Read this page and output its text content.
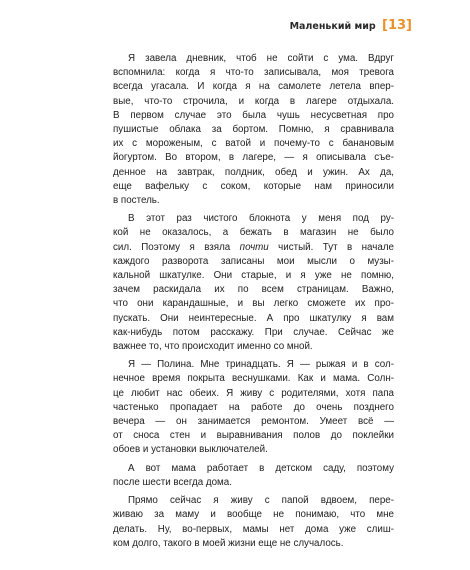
Маленький мир [13]
Я завела дневник, чтоб не сойти с ума. Вдруг
вспомнила: когда я что-то записывала, моя тревога
всегда угасала. И когда я на самолете летела впер-
вые, что-то строчила, и когда в лагере отдыхала.
В первом случае это была чушь несусветная про
пушистые облака за бортом. Помню, я сравнивала
их с мороженым, с ватой и почему-то с банановым
йогуртом. Во втором, в лагере, — я описывала съе-
денное на завтрак, полдник, обед и ужин. Ах да,
еще вафельку с соком, которые нам приносили
в постель.
В этот раз чистого блокнота у меня под ру-
кой не оказалось, а бежать в магазин не было
сил. Поэтому я взяла почти чистый. Тут в начале
каждого разворота записаны мои мысли о музы-
кальной шкатулке. Они старые, и я уже не помню,
зачем раскидала их по всем страницам. Важно,
что они карандашные, и вы легко сможете их про-
пускать. Они неинтересные. А про шкатулку я вам
как-нибудь потом расскажу. При случае. Сейчас же
важнее то, что происходит именно со мной.
Я — Полина. Мне тринадцать. Я — рыжая и в сол-
нечное время покрыта веснушками. Как и мама. Солн-
це любит нас обеих. Я живу с родителями, хотя папа
частенько пропадает на работе до очень позднего
вечера — он занимается ремонтом. Умеет всё —
от сноса стен и выравнивания полов до поклейки
обоев и установки выключателей.
А вот мама работает в детском саду, поэтому
после шести всегда дома.
Прямо сейчас я живу с папой вдвоем, пере-
живаю за маму и вообще не понимаю, что мне
делать. Ну, во-первых, мамы нет дома уже слиш-
ком долго, такого в моей жизни еще не случалось.
